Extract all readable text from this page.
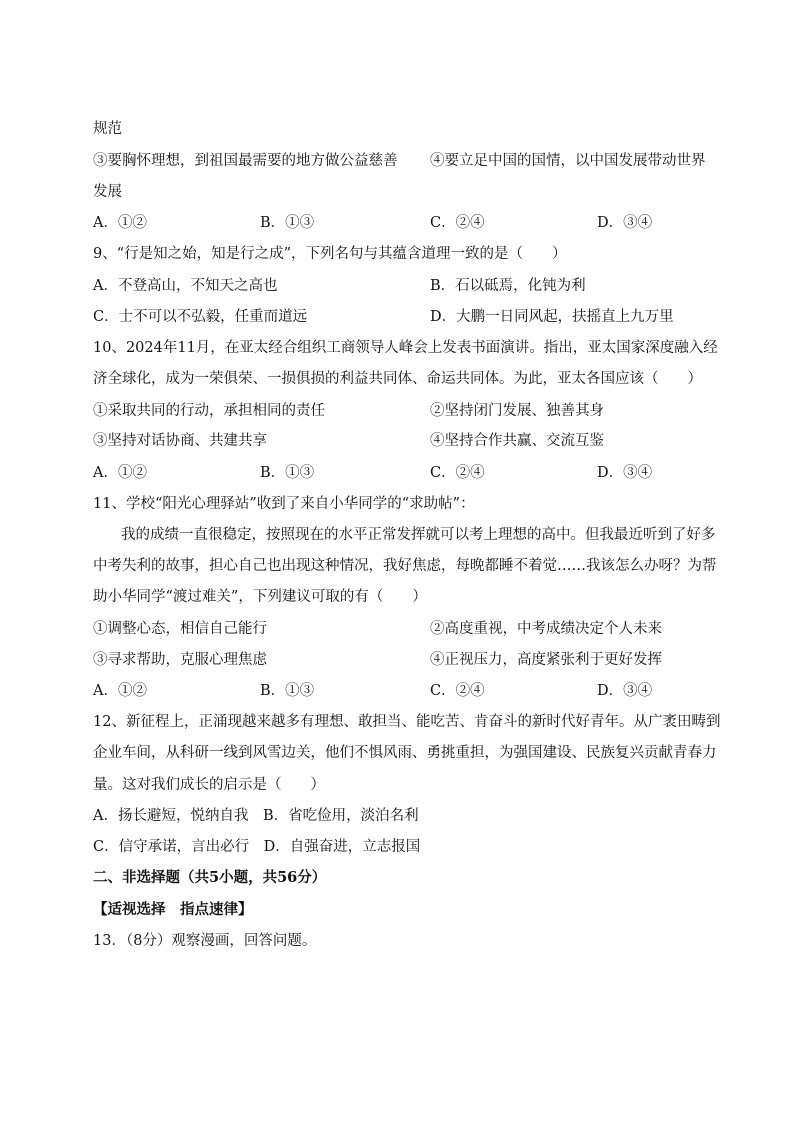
规范
③要胸怀理想，到祖国最需要的地方做公益慈善 ④要立足中国的国情，以中国发展带动世界
发展
A．①②	B．①③	C．②④	D．③④
9、“行是知之始，知是行之成”，下列名句与其蕴含道理一致的是（　　）
A．不登高山，不知天之高也	B．石以砥焉，化钝为利
C．士不可以不弘毅，任重而道远	D．大鹏一日同风起，扶摇直上九万里
10、2024年11月，在亚太经合组织工商领导人峰会上发表书面演讲。指出，亚太国家深度融入经
济全球化，成为一荣俱荣、一损俱损的利益共同体、命运共同体。为此，亚太各国应该（　　）
①采取共同的行动，承担相同的责任	②坚持闭门发展、独善其身
③坚持对话协商、共建共享	④坚持合作共赢、交流互鉴
A．①②	B．①③	C．②④	D．③④
11、学校“阳光心理驿站”收到了来自小华同学的“求助帖”：
我的成绩一直很稳定，按照现在的水平正常发挥就可以考上理想的高中。但我最近听到了好多
中考失利的故事，担心自己也出现这种情况，我好焦虑，每晚都睡不着觉……我该怎么办呀？为帮
助小华同学“渡过难关”，下列建议可取的有（　　）
①调整心态，相信自己能行	②高度重视，中考成绩决定个人未来
③寻求帮助，克服心理焦虑	④正视压力，高度紧张利于更好发挥
A．①②	B．①③	C．②④	D．③④
12、新征程上，正涌现越来越多有理想、敢担当、能吃苦、肯奋斗的新时代好青年。从广袤田畴到
企业车间，从科研一线到风雪边关，他们不惧风雨、勇挑重担，为强国建设、民族复兴贡献青春力
量。这对我们成长的启示是（　　）
A．扬长避短，悦纳自我　B．省吃俭用，淡泊名利
C．信守承诺，言出必行　D．自强奋进，立志报国
二、非选择题（共5小题，共56分）
【适视选择　指点速律】
13．（8分）观察漫画，回答问题。
